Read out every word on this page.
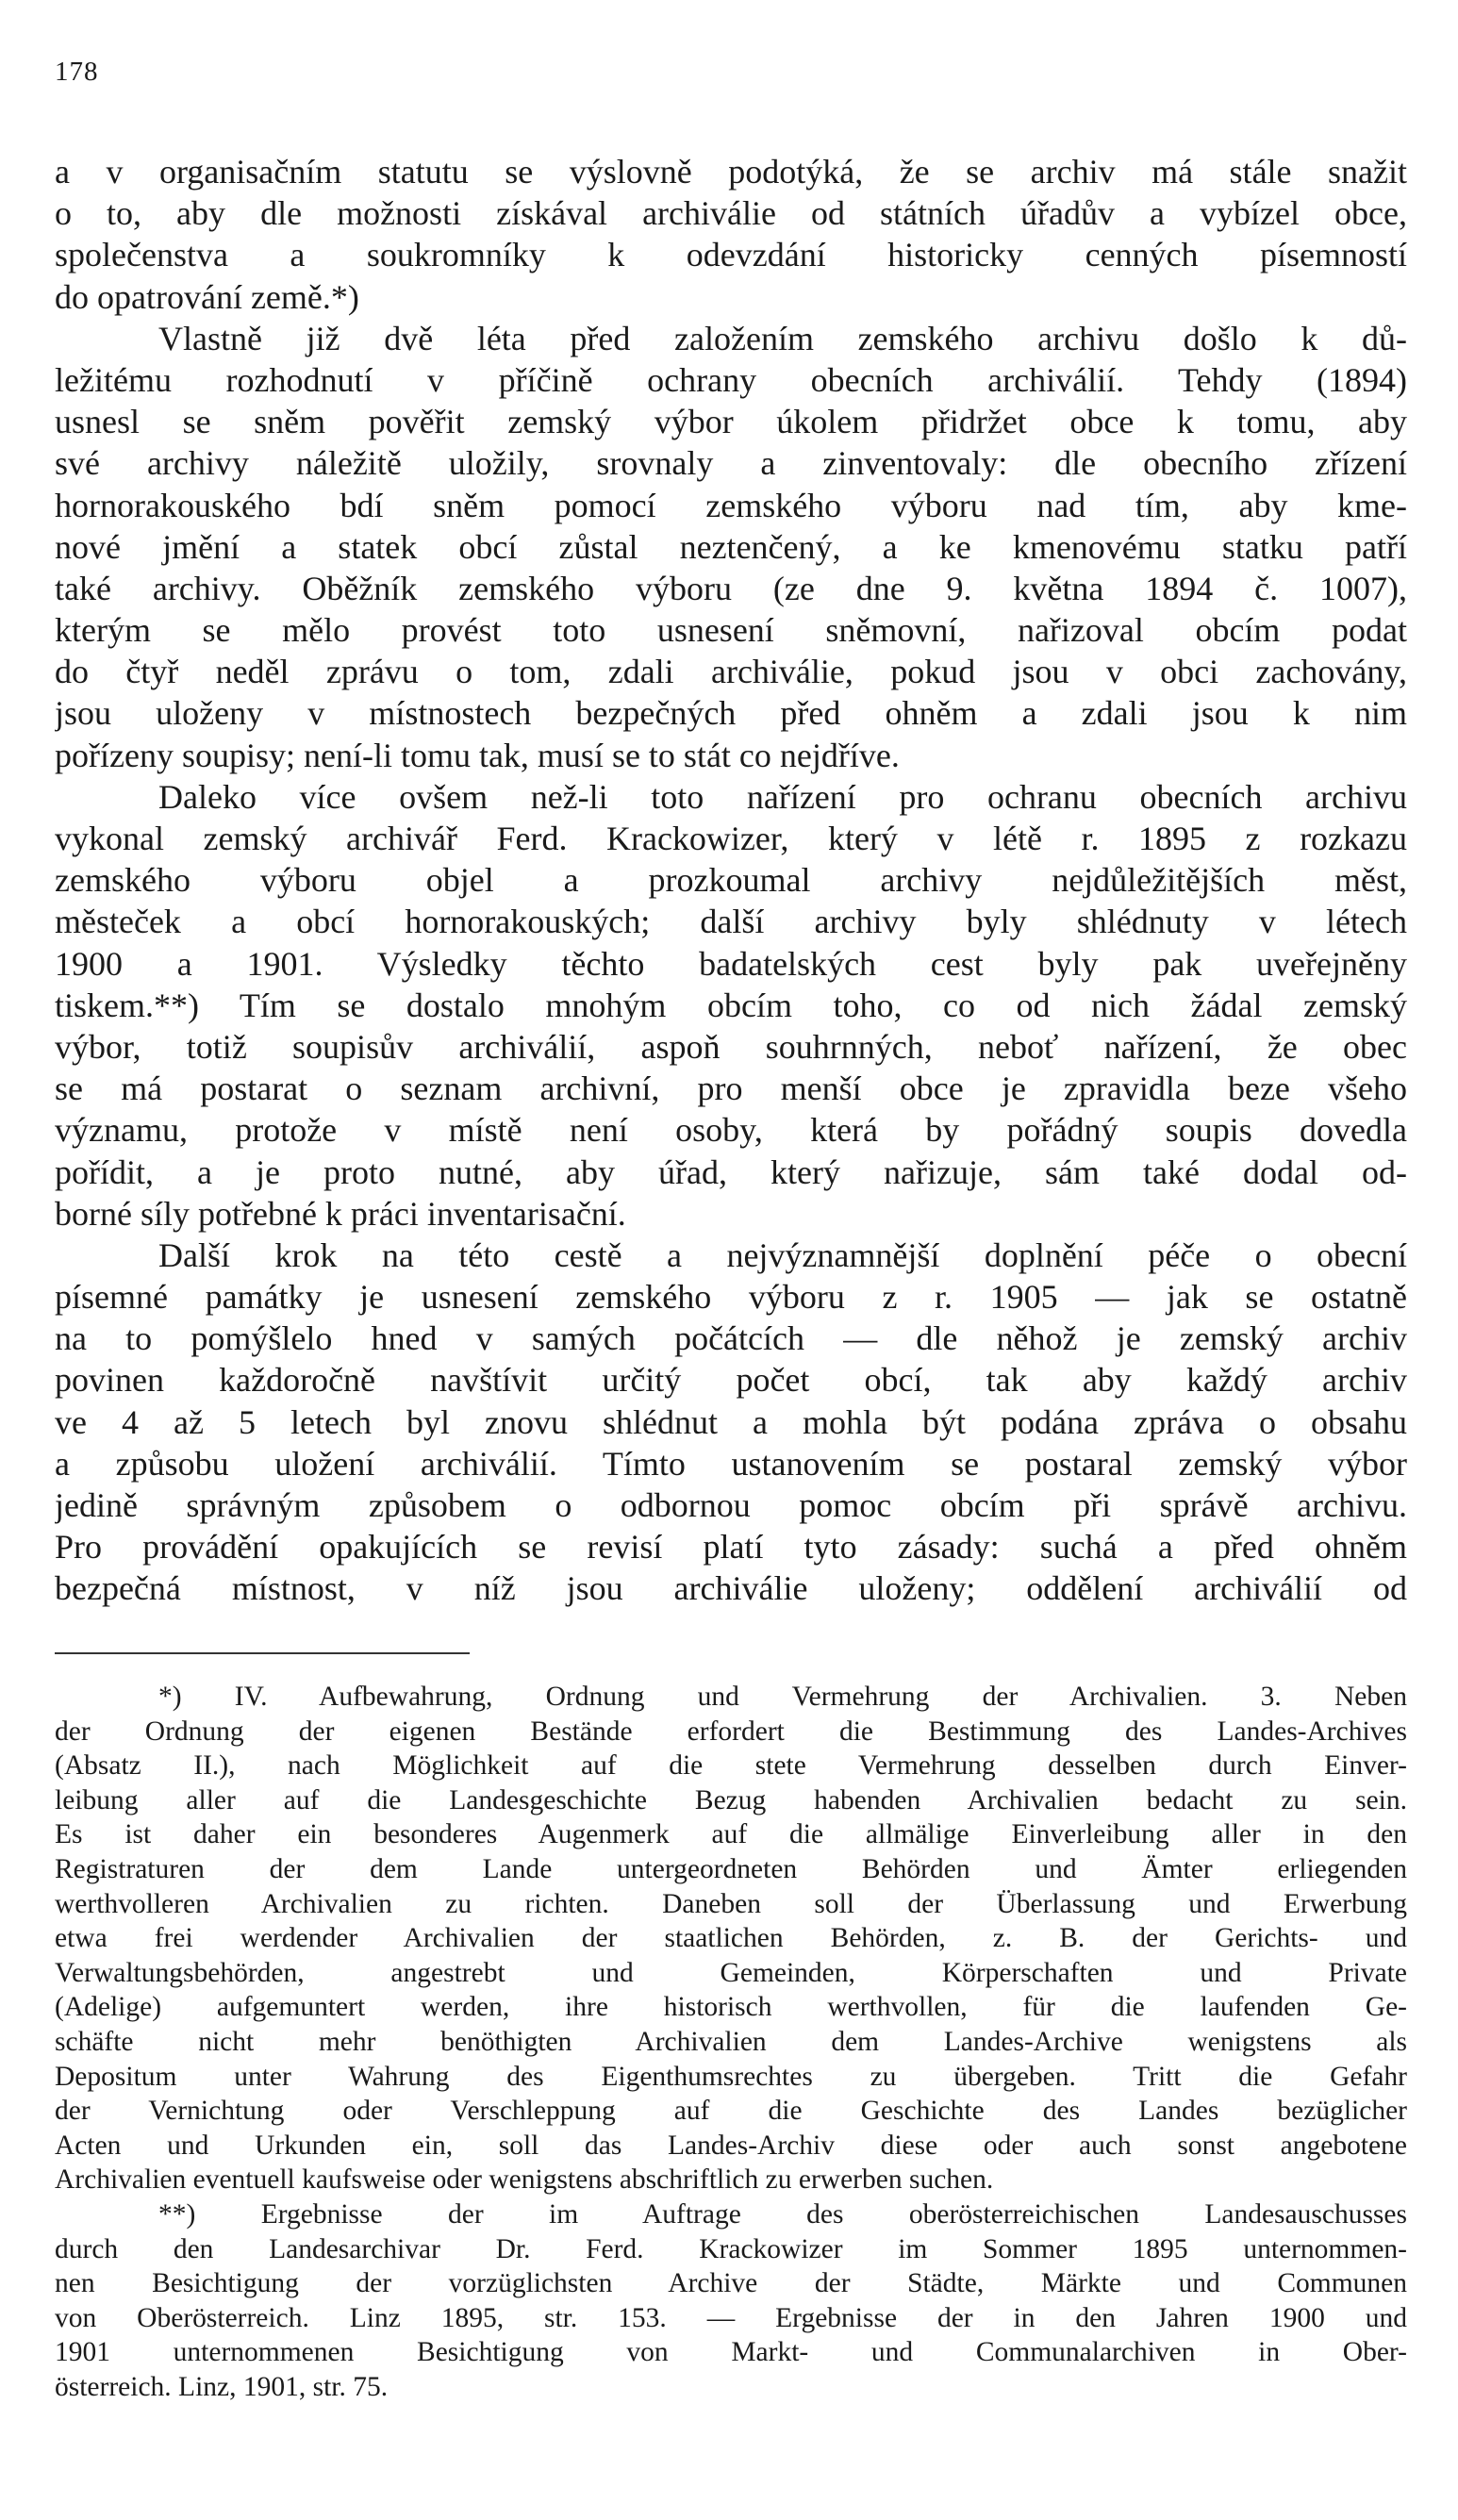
178
a v organisačním statutu se výslovně podotýká, že se archiv má stále snažit
o to, aby dle možnosti získával archiválie od státních úřadův a vybízel obce,
společenstva a soukromníky k odevzdání historicky cenných písemností
do opatrování země.*)
Vlastně již dvě léta před založením zemského archivu došlo k dů-
ležitému rozhodnutí v příčině ochrany obecních archiválií. Tehdy (1894)
usnesl se sněm pověřit zemský výbor úkolem přidržet obce k tomu, aby
své archivy náležitě uložily, srovnaly a zinventovaly: dle obecního zřízení
hornorakouského bdí sněm pomocí zemského výboru nad tím, aby kme-
nové jmění a statek obcí zůstal neztenčený, a ke kmenovému statku patří
také archivy. Oběžník zemského výboru (ze dne 9. května 1894 č. 1007),
kterým se mělo provést toto usnesení sněmovní, nařizoval obcím podat
do čtyř neděl zprávu o tom, zdali archiválie, pokud jsou v obci zachovány,
jsou uloženy v místnostech bezpečných před ohněm a zdali jsou k nim
pořízeny soupisy; není-li tomu tak, musí se to stát co nejdříve.
Daleko více ovšem než-li toto nařízení pro ochranu obecních archivu
vykonal zemský archivář Ferd. Krackowizer, který v létě r. 1895 z rozkazu
zemského výboru objel a prozkoumal archivy nejdůležitějších měst,
městeček a obcí hornorakouských; další archivy byly shlédnuty v létech
1900 a 1901. Výsledky těchto badatelských cest byly pak uveřejněny
tiskem.**) Tím se dostalo mnohým obcím toho, co od nich žádal zemský
výbor, totiž soupisův archiválií, aspoň souhrnných, neboť nařízení, že obec
se má postarat o seznam archivní, pro menší obce je zpravidla beze všeho
významu, protože v místě není osoby, která by pořádný soupis dovedla
pořídit, a je proto nutné, aby úřad, který nařizuje, sám také dodal od-
borné síly potřebné k práci inventarisační.
Další krok na této cestě a nejvýznamnější doplnění péče o obecní
písemné památky je usnesení zemského výboru z r. 1905 — jak se ostatně
na to pomýšlelo hned v samých počátcích — dle něhož je zemský archiv
povinen každoročně navštívit určitý počet obcí, tak aby každý archiv
ve 4 až 5 letech byl znovu shlédnut a mohla být podána zpráva o obsahu
a způsobu uložení archiválií. Tímto ustanovením se postaral zemský výbor
jedině správným způsobem o odbornou pomoc obcím při správě archivu.
Pro provádění opakujících se revisí platí tyto zásady: suchá a před ohněm
bezpečná místnost, v níž jsou archiválie uloženy; oddělení archiválií od
*) IV. Aufbewahrung, Ordnung und Vermehrung der Archivalien. 3. Neben
der Ordnung der eigenen Bestände erfordert die Bestimmung des Landes-Archives
(Absatz II.), nach Möglichkeit auf die stete Vermehrung desselben durch Einver-
leibung aller auf die Landesgeschichte Bezug habenden Archivalien bedacht zu sein.
Es ist daher ein besonderes Augenmerk auf die allmälige Einverleibung aller in den
Registraturen der dem Lande untergeordneten Behörden und Ämter erliegenden
werthvolleren Archivalien zu richten. Daneben soll der Überlassung und Erwerbung
etwa frei werdender Archivalien der staatlichen Behörden, z. B. der Gerichts- und
Verwaltungsbehörden, angestrebt und Gemeinden, Körperschaften und Private
(Adelige) aufgemuntert werden, ihre historisch werthvollen, für die laufenden Ge-
schäfte nicht mehr benöthigten Archivalien dem Landes-Archive wenigstens als
Depositum unter Wahrung des Eigenthumsrechtes zu übergeben. Tritt die Gefahr
der Vernichtung oder Verschleppung auf die Geschichte des Landes bezüglicher
Acten und Urkunden ein, soll das Landes-Archiv diese oder auch sonst angebotene
Archivalien eventuell kaufsweise oder wenigstens abschriftlich zu erwerben suchen.
**) Ergebnisse der im Auftrage des oberösterreichischen Landesauschusses
durch den Landesarchivar Dr. Ferd. Krackowizer im Sommer 1895 unternommen-
nen Besichtigung der vorzüglichsten Archive der Städte, Märkte und Communen
von Oberösterreich. Linz 1895, str. 153. — Ergebnisse der in den Jahren 1900 und
1901 unternommenen Besichtigung von Markt- und Communalarchiven in Ober-
österreich. Linz, 1901, str. 75.
